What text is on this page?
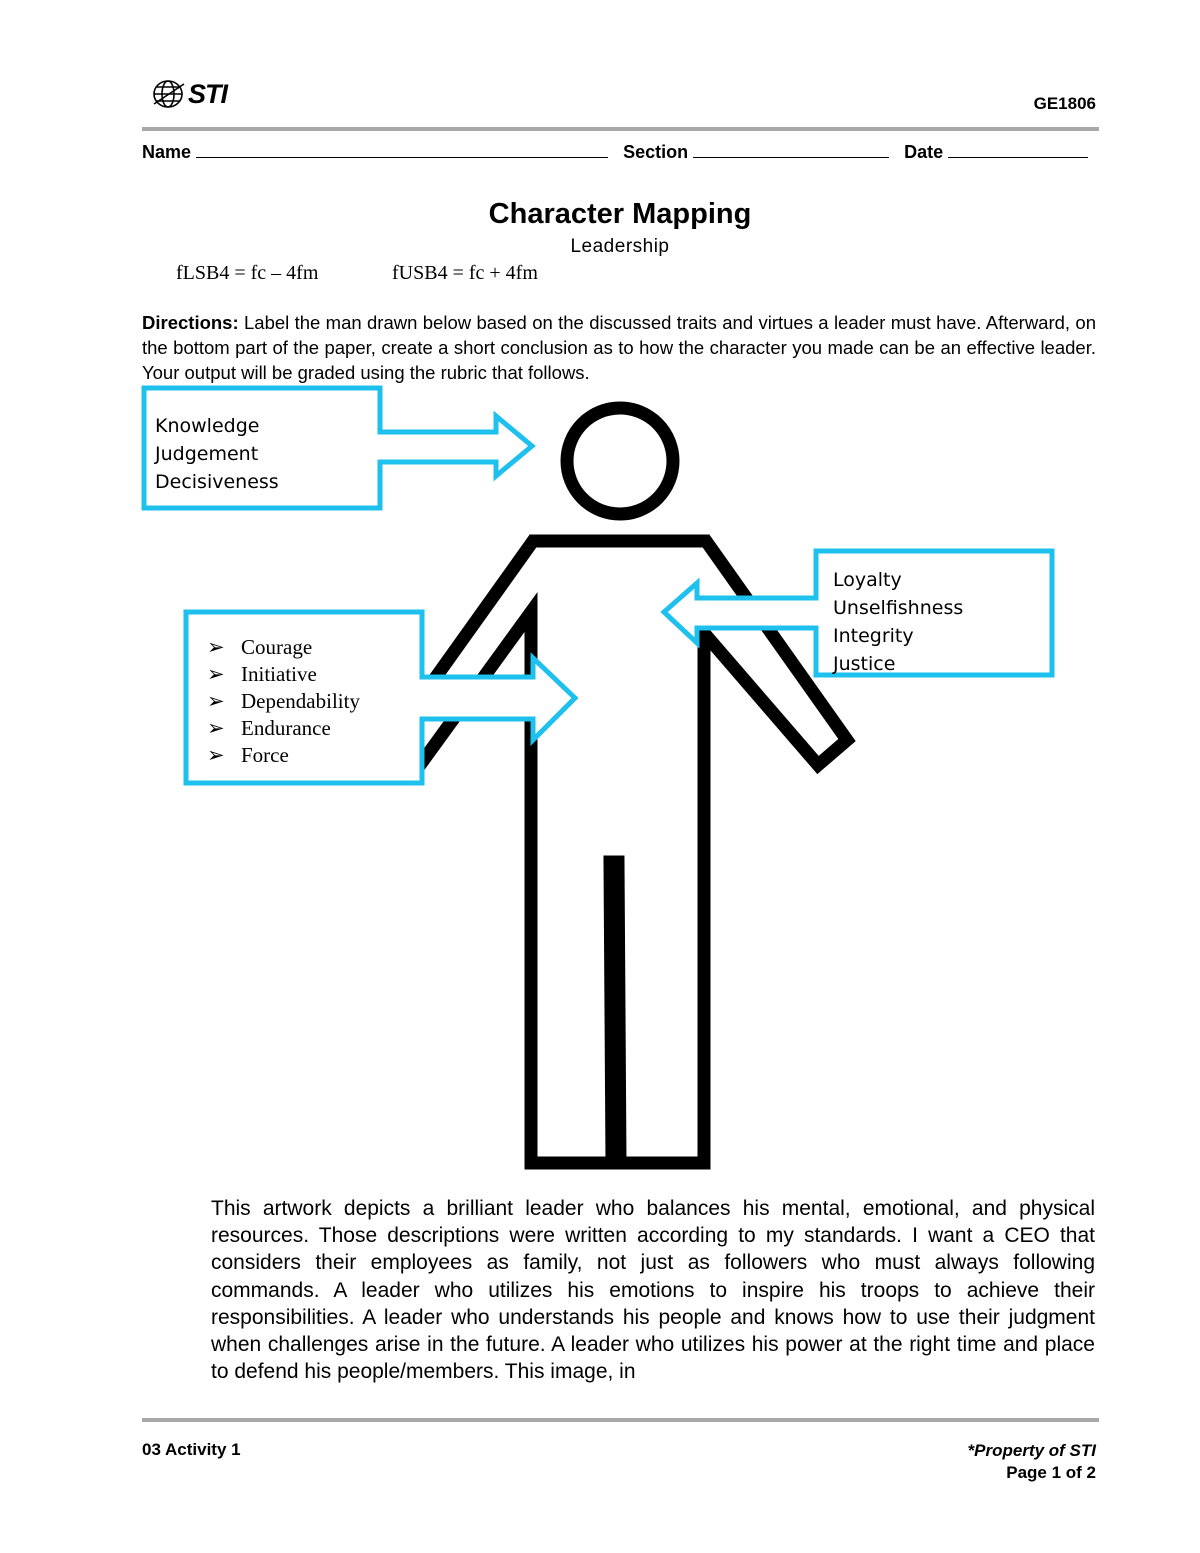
STI	GE1806
Name	Section	Date
Character Mapping
Leadership
fLSB4 = fc – 4fm	fUSB4 = fc + 4fm
Directions: Label the man drawn below based on the discussed traits and virtues a leader must have. Afterward, on the bottom part of the paper, create a short conclusion as to how the character you made can be an effective leader. Your output will be graded using the rubric that follows.
Knowledge
Judgement
Decisiveness
Loyalty
Unselfishness
Integrity
Justice
➢ Courage
➢ Initiative
➢ Dependability
➢ Endurance
➢ Force
This artwork depicts a brilliant leader who balances his mental, emotional, and physical resources. Those descriptions were written according to my standards. I want a CEO that considers their employees as family, not just as followers who must always following commands. A leader who utilizes his emotions to inspire his troops to achieve their responsibilities. A leader who understands his people and knows how to use their judgment when challenges arise in the future. A leader who utilizes his power at the right time and place to defend his people/members. This image, in
03 Activity 1	*Property of STI
Page 1 of 2
